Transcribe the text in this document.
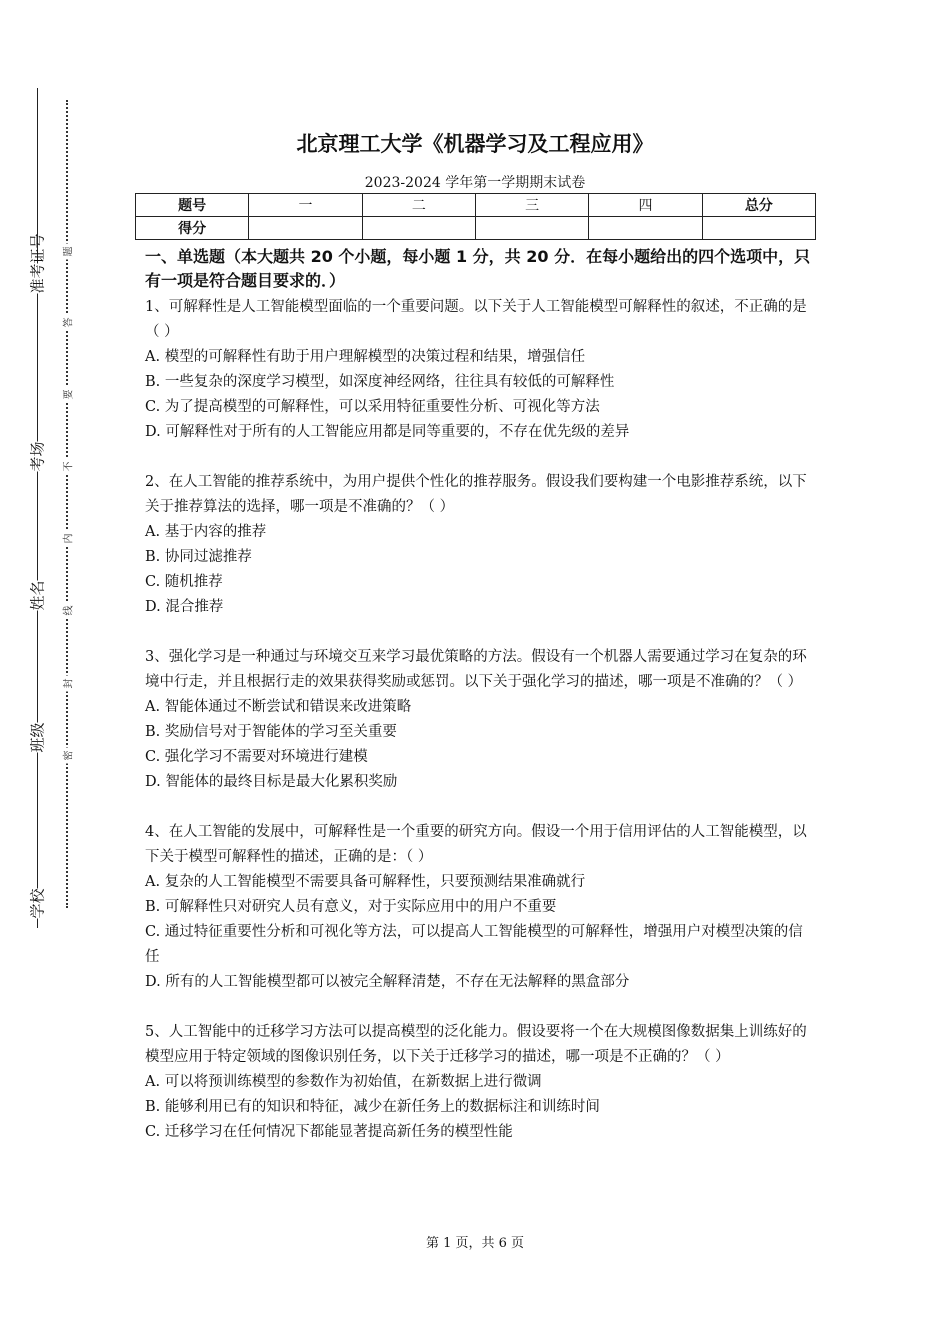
准考证号
考场
姓名
班级
学校
题
答
要
不
内
线
封
密
北京理工大学《机器学习及工程应用》
2023-2024 学年第一学期期末试卷
题号	一	二	三	四	总分
得分					

一、单选题（本大题共 20 个小题，每小题 1 分，共 20 分．在每小题给出的四个选项中，只有一项是符合题目要求的．）

1、可解释性是人工智能模型面临的一个重要问题。以下关于人工智能模型可解释性的叙述，不正确的是（ ）

A. 模型的可解释性有助于用户理解模型的决策过程和结果，增强信任

B. 一些复杂的深度学习模型，如深度神经网络，往往具有较低的可解释性

C. 为了提高模型的可解释性，可以采用特征重要性分析、可视化等方法

D. 可解释性对于所有的人工智能应用都是同等重要的，不存在优先级的差异

2、在人工智能的推荐系统中，为用户提供个性化的推荐服务。假设我们要构建一个电影推荐系统，以下关于推荐算法的选择，哪一项是不准确的？（ ）

A. 基于内容的推荐

B. 协同过滤推荐

C. 随机推荐

D. 混合推荐

3、强化学习是一种通过与环境交互来学习最优策略的方法。假设有一个机器人需要通过学习在复杂的环境中行走，并且根据行走的效果获得奖励或惩罚。以下关于强化学习的描述，哪一项是不准确的？（ ）

A. 智能体通过不断尝试和错误来改进策略

B. 奖励信号对于智能体的学习至关重要

C. 强化学习不需要对环境进行建模

D. 智能体的最终目标是最大化累积奖励

4、在人工智能的发展中，可解释性是一个重要的研究方向。假设一个用于信用评估的人工智能模型，以下关于模型可解释性的描述，正确的是：（ ）

A. 复杂的人工智能模型不需要具备可解释性，只要预测结果准确就行

B. 可解释性只对研究人员有意义，对于实际应用中的用户不重要

C. 通过特征重要性分析和可视化等方法，可以提高人工智能模型的可解释性，增强用户对模型决策的信任

D. 所有的人工智能模型都可以被完全解释清楚，不存在无法解释的黑盒部分

5、人工智能中的迁移学习方法可以提高模型的泛化能力。假设要将一个在大规模图像数据集上训练好的模型应用于特定领域的图像识别任务，以下关于迁移学习的描述，哪一项是不正确的？（ ）

A. 可以将预训练模型的参数作为初始值，在新数据上进行微调

B. 能够利用已有的知识和特征，减少在新任务上的数据标注和训练时间

C. 迁移学习在任何情况下都能显著提高新任务的模型性能

第 1 页，共 6 页
